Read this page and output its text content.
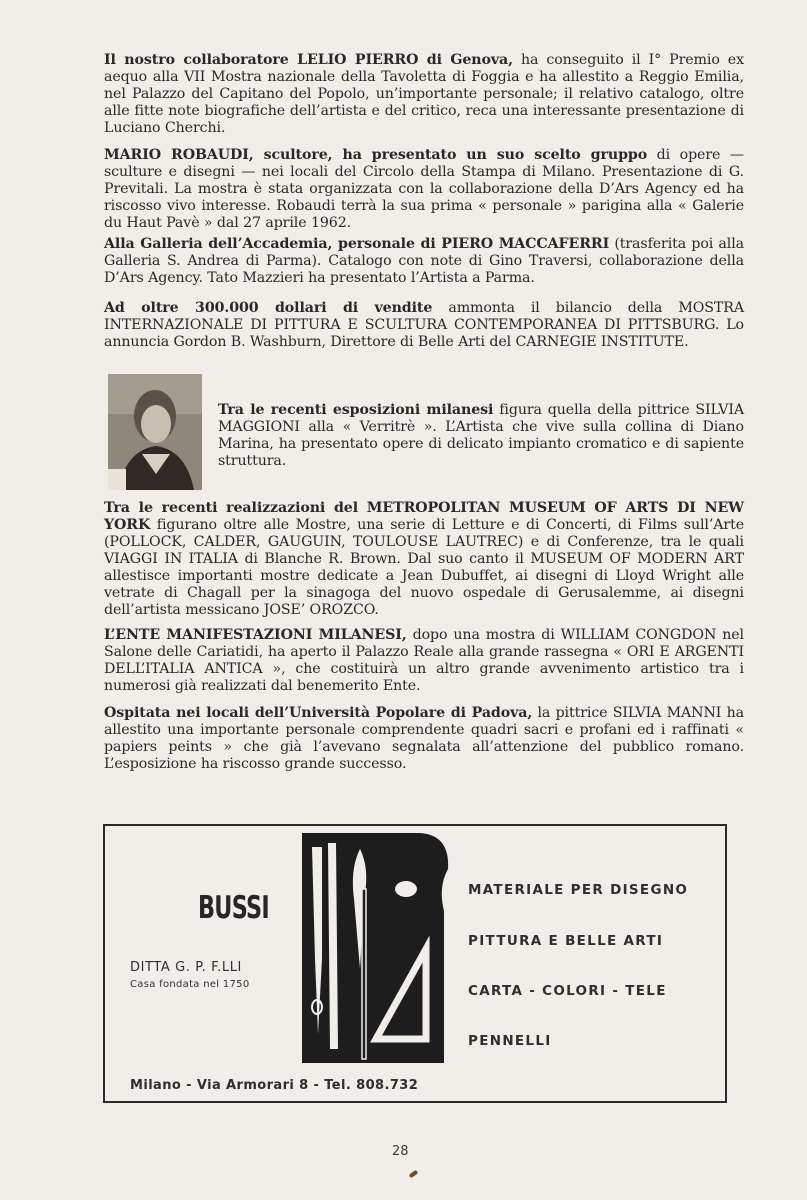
Il nostro collaboratore LELIO PIERRO di Genova, ha conseguito il I° Premio ex aequo alla VII Mostra nazionale della Tavoletta di Foggia e ha allestito a Reggio Emilia, nel Palazzo del Capitano del Popolo, un’importante personale; il relativo catalogo, oltre alle fitte note biografiche dell’artista e del critico, reca una interessante presentazione di Luciano Cherchi.

MARIO ROBAUDI, scultore, ha presentato un suo scelto gruppo di opere — sculture e disegni — nei locali del Circolo della Stampa di Milano. Presentazione di G. Previtali. La mostra è stata organizzata con la collaborazione della D’Ars Agency ed ha riscosso vivo interesse. Robaudi terrà la sua prima « personale » parigina alla « Galerie du Haut Pavè » dal 27 aprile 1962.

Alla Galleria dell’Accademia, personale di PIERO MACCAFERRI (trasferita poi alla Galleria S. Andrea di Parma). Catalogo con note di Gino Traversi, collaborazione della D’Ars Agency. Tato Mazzieri ha presentato l’Artista a Parma.

Ad oltre 300.000 dollari di vendite ammonta il bilancio della MOSTRA INTERNAZIONALE DI PITTURA E SCULTURA CONTEMPORANEA DI PITTSBURG. Lo annuncia Gordon B. Washburn, Direttore di Belle Arti del CARNEGIE INSTITUTE.

Tra le recenti esposizioni milanesi figura quella della pittrice SILVIA MAGGIONI alla « Verritrè ». L’Artista che vive sulla collina di Diano Marina, ha presentato opere di delicato impianto cromatico e di sapiente struttura.

Tra le recenti realizzazioni del METROPOLITAN MUSEUM OF ARTS DI NEW YORK figurano oltre alle Mostre, una serie di Letture e di Concerti, di Films sull’Arte (POLLOCK, CALDER, GAUGUIN, TOULOUSE LAUTREC) e di Conferenze, tra le quali VIAGGI IN ITALIA di Blanche R. Brown. Dal suo canto il MUSEUM OF MODERN ART allestisce importanti mostre dedicate a Jean Dubuffet, ai disegni di Lloyd Wright alle vetrate di Chagall per la sinagoga del nuovo ospedale di Gerusalemme, ai disegni dell’artista messicano JOSE’ OROZCO.

L’ENTE MANIFESTAZIONI MILANESI, dopo una mostra di WILLIAM CONGDON nel Salone delle Cariatidi, ha aperto il Palazzo Reale alla grande rassegna « ORI E ARGENTI DELL’ITALIA ANTICA », che costituirà un altro grande avvenimento artistico tra i numerosi già realizzati dal benemerito Ente.

Ospitata nei locali dell’Università Popolare di Padova, la pittrice SILVIA MANNI ha allestito una importante personale comprendente quadri sacri e profani ed i raffinati « papiers peints » che già l’avevano segnalata all’attenzione del pubblico romano. L’esposizione ha riscosso grande successo.

BUSSI
DITTA G. P. F.LLI
Casa fondata nel 1750
MATERIALE PER DISEGNO
PITTURA E BELLE ARTI
CARTA - COLORI - TELE
PENNELLI
Milano - Via Armorari 8 - Tel. 808.732
28
